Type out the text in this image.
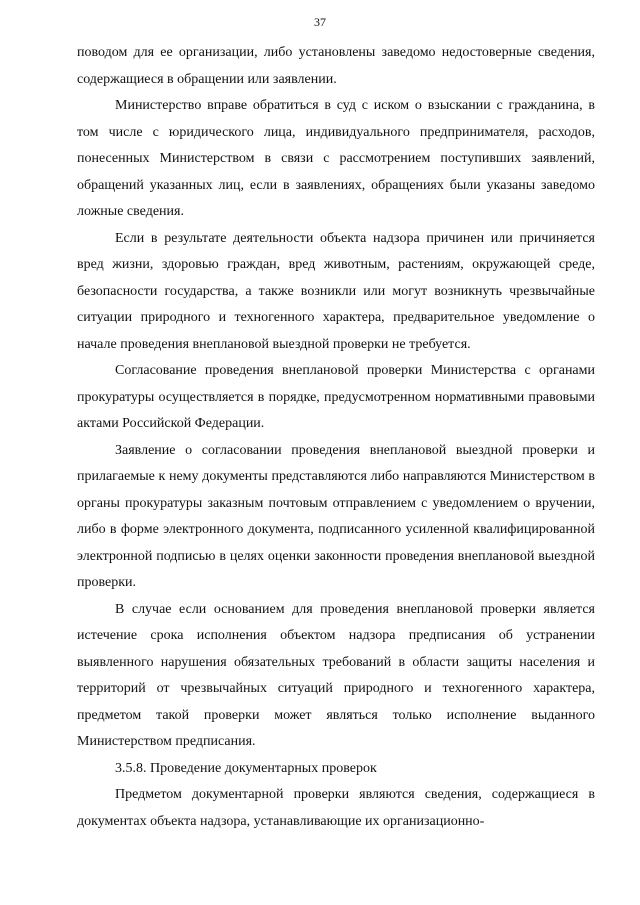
37

поводом для ее организации, либо установлены заведомо недостоверные сведения, содержащиеся в обращении или заявлении.

Министерство вправе обратиться в суд с иском о взыскании с гражданина, в том числе с юридического лица, индивидуального предпринимателя, расходов, понесенных Министерством в связи с рассмотрением поступивших заявлений, обращений указанных лиц, если в заявлениях, обращениях были указаны заведомо ложные сведения.

Если в результате деятельности объекта надзора причинен или причиняется вред жизни, здоровью граждан, вред животным, растениям, окружающей среде, безопасности государства, а также возникли или могут возникнуть чрезвычайные ситуации природного и техногенного характера, предварительное уведомление о начале проведения внеплановой выездной проверки не требуется.

Согласование проведения внеплановой проверки Министерства с органами прокуратуры осуществляется в порядке, предусмотренном нормативными правовыми актами Российской Федерации.

Заявление о согласовании проведения внеплановой выездной проверки и прилагаемые к нему документы представляются либо направляются Министерством в органы прокуратуры заказным почтовым отправлением с уведомлением о вручении, либо в форме электронного документа, подписанного усиленной квалифицированной электронной подписью в целях оценки законности проведения внеплановой выездной проверки.

В случае если основанием для проведения внеплановой проверки является истечение срока исполнения объектом надзора предписания об устранении выявленного нарушения обязательных требований в области защиты населения и территорий от чрезвычайных ситуаций природного и техногенного характера, предметом такой проверки может являться только исполнение выданного Министерством предписания.

3.5.8. Проведение документарных проверок

Предметом документарной проверки являются сведения, содержащиеся в документах объекта надзора, устанавливающие их организационно-
